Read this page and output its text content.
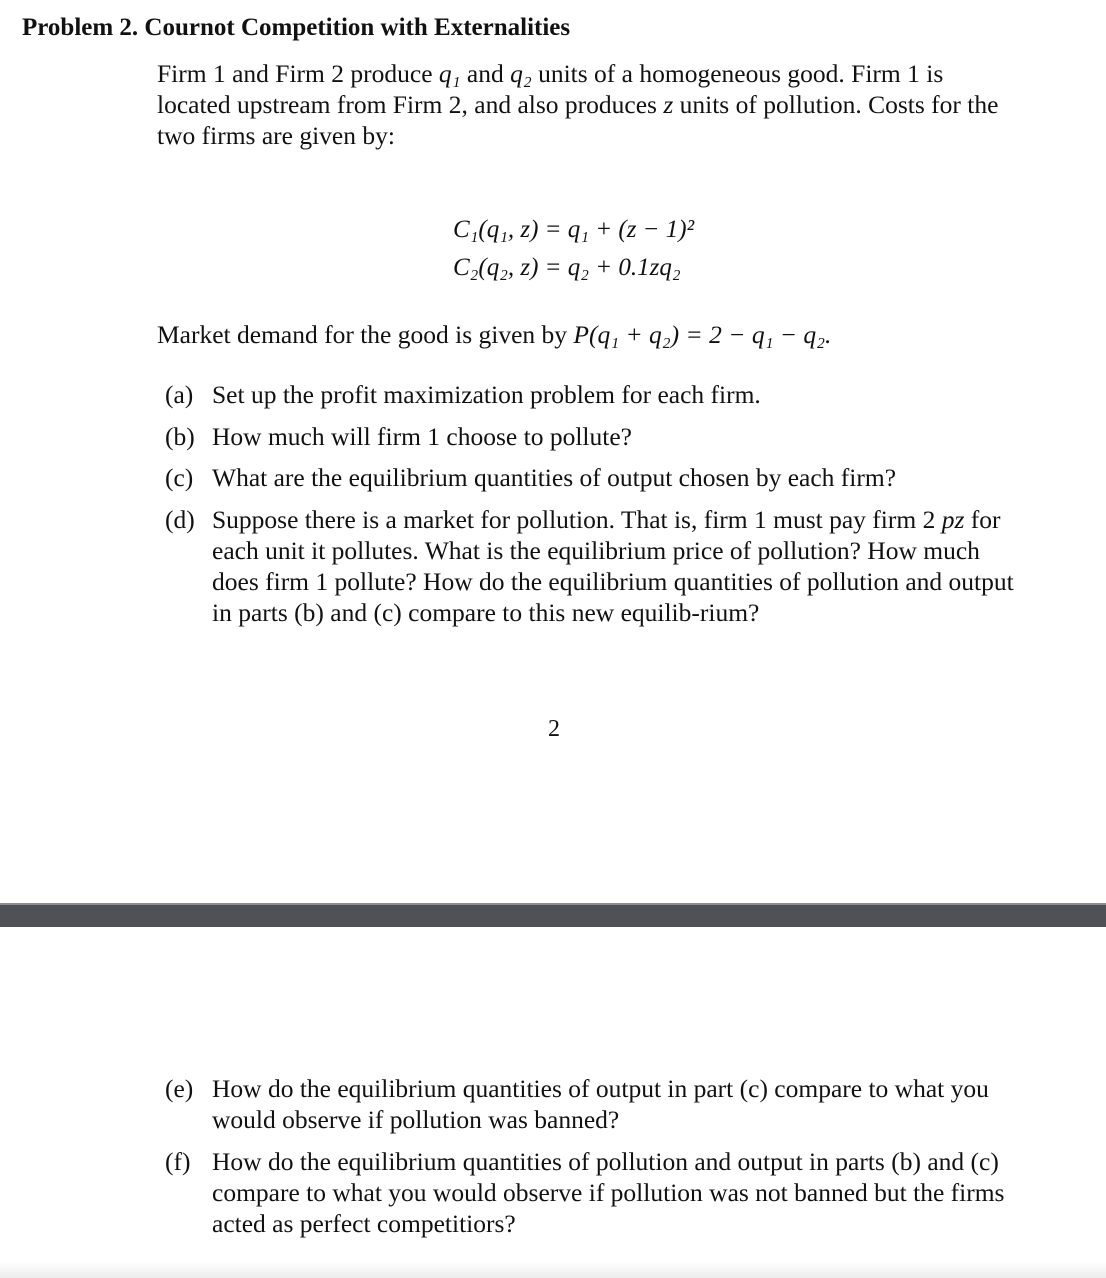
Problem 2. Cournot Competition with Externalities
Firm 1 and Firm 2 produce q₁ and q₂ units of a homogeneous good. Firm 1 is located upstream from Firm 2, and also produces z units of pollution. Costs for the two firms are given by:
C₁(q₁, z) = q₁ + (z − 1)²
C₂(q₂, z) = q₂ + 0.1zq₂
Market demand for the good is given by P(q₁ + q₂) = 2 − q₁ − q₂.
(a) Set up the profit maximization problem for each firm.
(b) How much will firm 1 choose to pollute?
(c) What are the equilibrium quantities of output chosen by each firm?
(d) Suppose there is a market for pollution. That is, firm 1 must pay firm 2 pz for each unit it pollutes. What is the equilibrium price of pollution? How much does firm 1 pollute? How do the equilibrium quantities of pollution and output in parts (b) and (c) compare to this new equilib-rium?
2
(e) How do the equilibrium quantities of output in part (c) compare to what you would observe if pollution was banned?
(f) How do the equilibrium quantities of pollution and output in parts (b) and (c) compare to what you would observe if pollution was not banned but the firms acted as perfect competitiors?
